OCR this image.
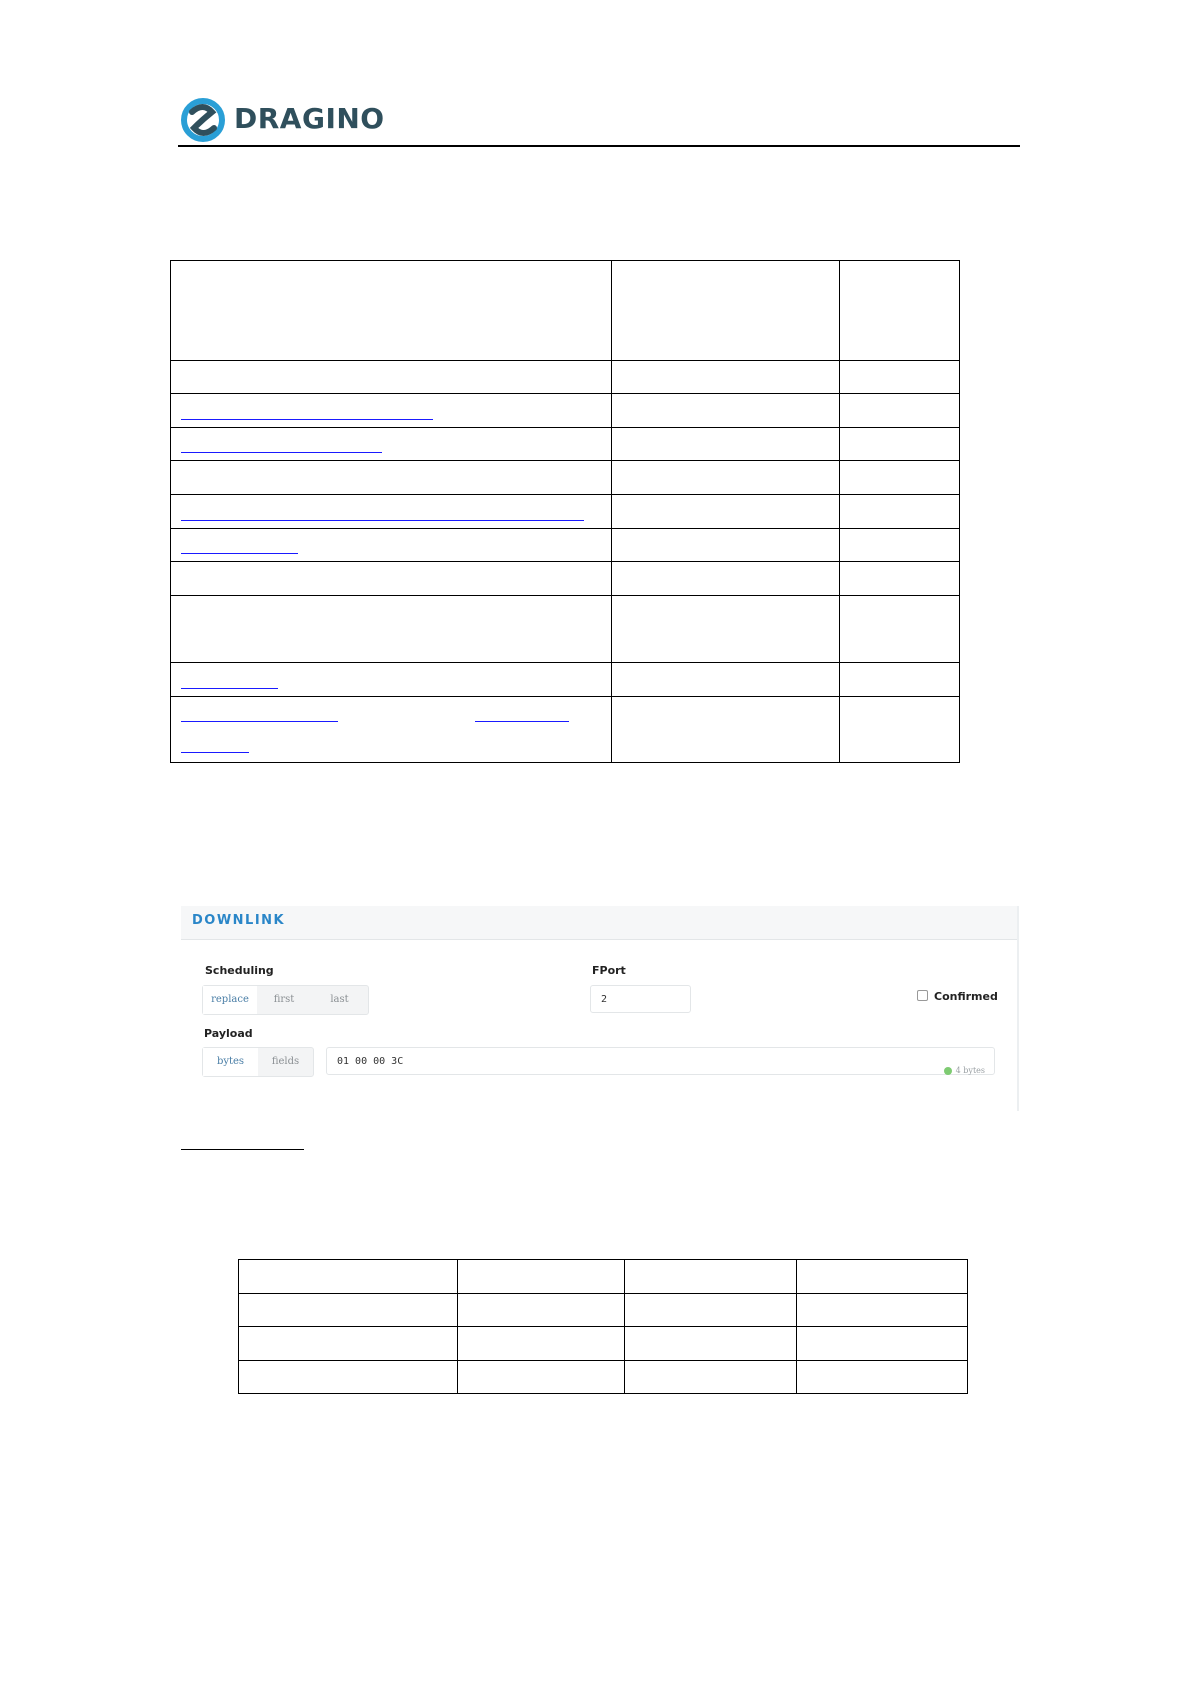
DRAGINO

DOWNLINK
Scheduling
replace	first	last
FPort
2	Confirmed
Payload
bytes	fields	01 00 00 3C
4 bytes
